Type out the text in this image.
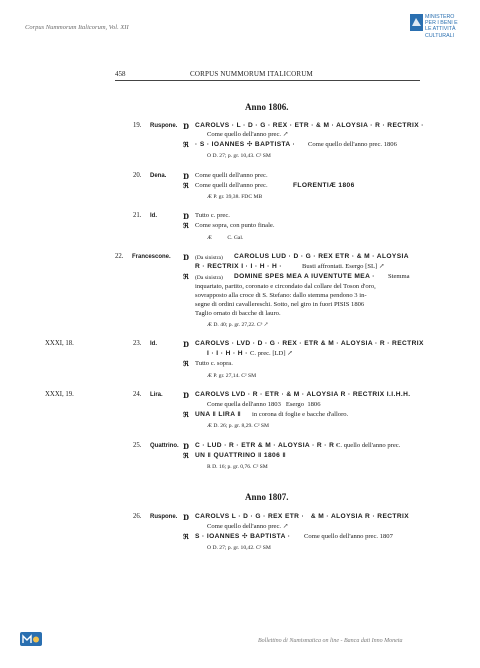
Corpus Nummorum Italicorum, Vol. XII
MINISTERO
PER I BENI E
LE ATTIVITÀ
CULTURALI
458	CORPUS NUMMORUM ITALICORUM
Anno 1806.
19. Ruspone. Ɒ CAROLVS · L · D · G · REX · ETR · & M · ALOYSIA · R · RECTRIX ·
Come quello dell'anno prec. ↗
ℜ · S · IOANNES ✣ BAPTISTA · Come quello dell'anno prec. 1806
O D. 27; p. gr. 10,43. C² SM
20. Dena. Ɒ Come quelli dell'anno prec.
ℜ Come quelli dell'anno prec.	FLORENTIÆ 1806
Æ P. gr. 39,38. FDC MB
21. Id.	Ɒ Tutto c. prec.
ℜ Come sopra, con punto finale.
Æ           C. Gal.
22. Francescone. Ɒ (Da sinistra) CAROLUS LUD · D · G · REX ETR · & M · ALOYSIA
R · RECTRIX I · I · H · H ·	Busti affrontati. Esergo [SL] ↗
ℜ (Da sinistra) DOMINE SPES MEA A IUVENTUTE MEA · Stemma
inquartato, partito, coronato e circondato dal collare del Toson d'oro,
sovrapposto alla croce di S. Stefano: dallo stemma pendono 3 in-
segne di ordini cavallereschi. Sotto, nel giro in fuori PISIS 1806
Taglio ornato di bacche di lauro.
Æ D. 40; p. gr. 27,22. C³ ↗
XXXI, 18.	23. Id.	Ɒ CAROLVS · LVD · D · G · REX · ETR & M · ALOYSIA · R · RECTRIX
I · I · H · H · C. prec. [LD] ↗
ℜ Tutto c. sopra.
Æ P. gr. 27,14. C² SM
XXXI, 19.	24. Lira.	Ɒ CAROLVS LVD · R · ETR · & M · ALOYSIA R · RECTRIX I.I.H.H.
Come quella dell'anno 1803   Esergo  1806
ℜ UNA ‖ LIRA ‖ in corona di foglie e bacche d'alloro.
Æ D. 26; p. gr. 8,29. C² SM
25. Quattrino. Ɒ C · LUD · R · ETR & M · ALOYSIA · R · R ·
C. quello dell'anno prec.
ℜ UN ‖ QUATTRINO ‖ 1806 ‖
R D. 16; p. gr. 0,76. C² SM
Anno 1807.
26. Ruspone. Ɒ CAROLVS L · D · G · REX ETR ·   & M · ALOYSIA R · RECTRIX
Come quello dell'anno prec. ↗
ℜ S · IOANNES ✣ BAPTISTA · Come quello dell'anno prec. 1807
O D. 27; p. gr. 10,42. C² SM
Bollettino di Numismatica on line - Banca dati Inno Moneta
